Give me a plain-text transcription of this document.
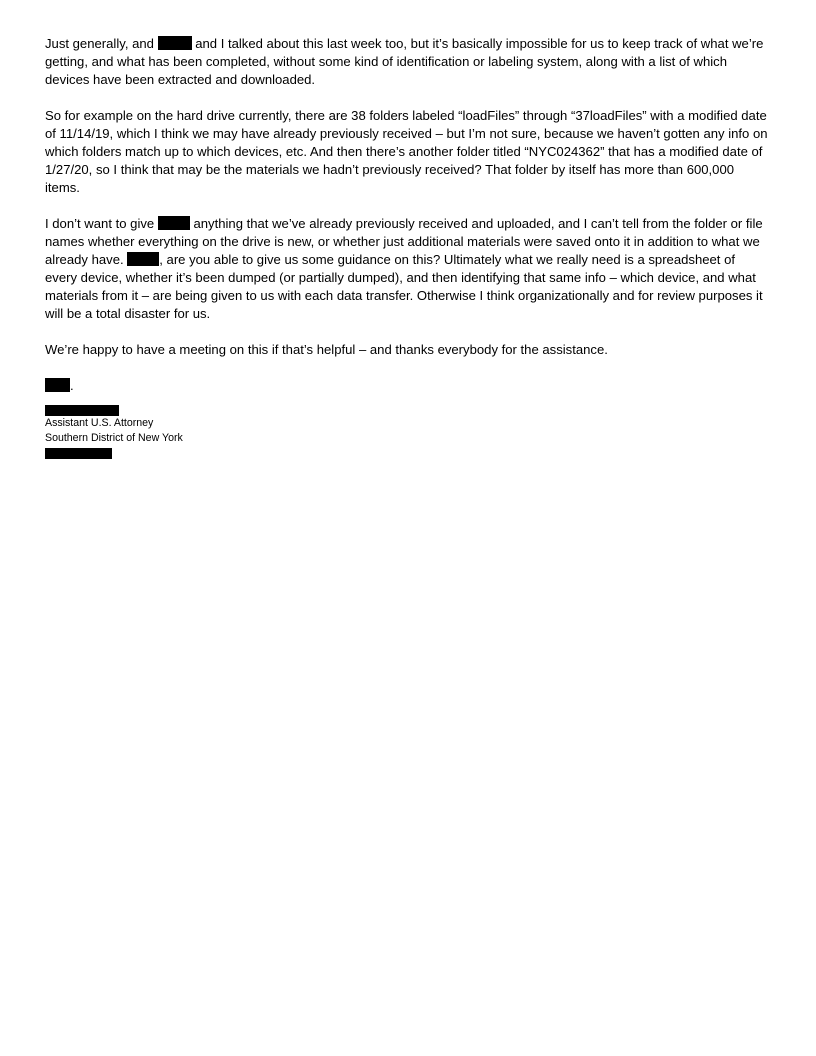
Just generally, and	and I talked about this last week too, but it’s basically impossible for us to keep track of what we’re getting, and what has been completed, without some kind of identification or labeling system, along with a list of which devices have been extracted and downloaded.

So for example on the hard drive currently, there are 38 folders labeled “loadFiles” through “37loadFiles” with a modified date of 11/14/19, which I think we may have already previously received – but I’m not sure, because we haven’t gotten any info on which folders match up to which devices, etc. And then there’s another folder titled “NYC024362” that has a modified date of 1/27/20, so I think that may be the materials we hadn’t previously received? That folder by itself has more than 600,000 items.

I don’t want to give  anything that we’ve already previously received and uploaded, and I can’t tell from the folder or file names whether everything on the drive is new, or whether just additional materials were saved onto it in addition to what we already have. , are you able to give us some guidance on this? Ultimately what we really need is a spreadsheet of every device, whether it’s been dumped (or partially dumped), and then identifying that same info – which device, and what materials from it – are being given to us with each data transfer. Otherwise I think organizationally and for review purposes it will be a total disaster for us.

We’re happy to have a meeting on this if that’s helpful – and thanks everybody for the assistance.

.

Assistant U.S. Attorney
Southern District of New York
